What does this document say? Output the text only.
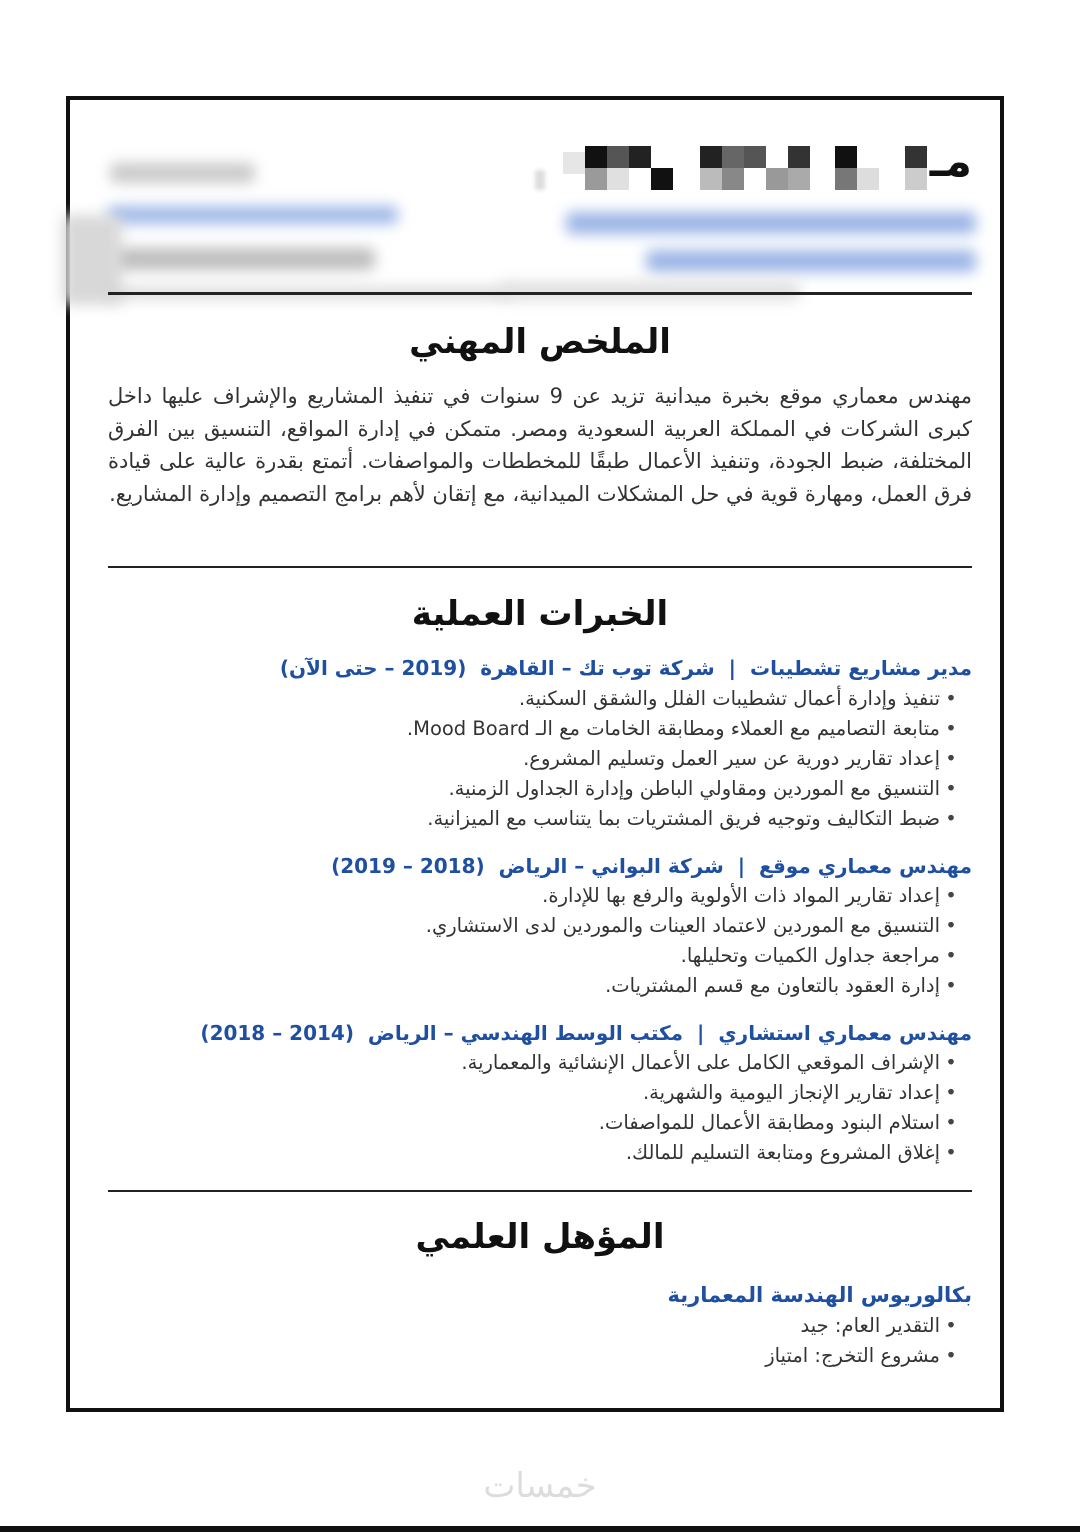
مـ
الملخص المهني
مهندس معماري موقع بخبرة ميدانية تزيد عن 9 سنوات في تنفيذ المشاريع والإشراف عليها داخل كبرى الشركات في المملكة العربية السعودية ومصر. متمكن في إدارة المواقع، التنسيق بين الفرق المختلفة، ضبط الجودة، وتنفيذ الأعمال طبقًا للمخططات والمواصفات. أتمتع بقدرة عالية على قيادة فرق العمل، ومهارة قوية في حل المشكلات الميدانية، مع إتقان لأهم برامج التصميم وإدارة المشاريع.
الخبرات العملية
مدير مشاريع تشطيبات|شركة توب تك – القاهرة  (2019 – حتى الآن)
•تنفيذ وإدارة أعمال تشطيبات الفلل والشقق السكنية.
•متابعة التصاميم مع العملاء ومطابقة الخامات مع الـ Mood Board.
•إعداد تقارير دورية عن سير العمل وتسليم المشروع.
•التنسيق مع الموردين ومقاولي الباطن وإدارة الجداول الزمنية.
•ضبط التكاليف وتوجيه فريق المشتريات بما يتناسب مع الميزانية.
مهندس معماري موقع|شركة البواني – الرياض  (2018 – 2019)
•إعداد تقارير المواد ذات الأولوية والرفع بها للإدارة.
•التنسيق مع الموردين لاعتماد العينات والموردين لدى الاستشاري.
•مراجعة جداول الكميات وتحليلها.
•إدارة العقود بالتعاون مع قسم المشتريات.
مهندس معماري استشاري|مكتب الوسط الهندسي – الرياض  (2014 – 2018)
•الإشراف الموقعي الكامل على الأعمال الإنشائية والمعمارية.
•إعداد تقارير الإنجاز اليومية والشهرية.
•استلام البنود ومطابقة الأعمال للمواصفات.
•إغلاق المشروع ومتابعة التسليم للمالك.
المؤهل العلمي
بكالوريوس الهندسة المعمارية
•التقدير العام: جيد
•مشروع التخرج: امتياز
خمسات
